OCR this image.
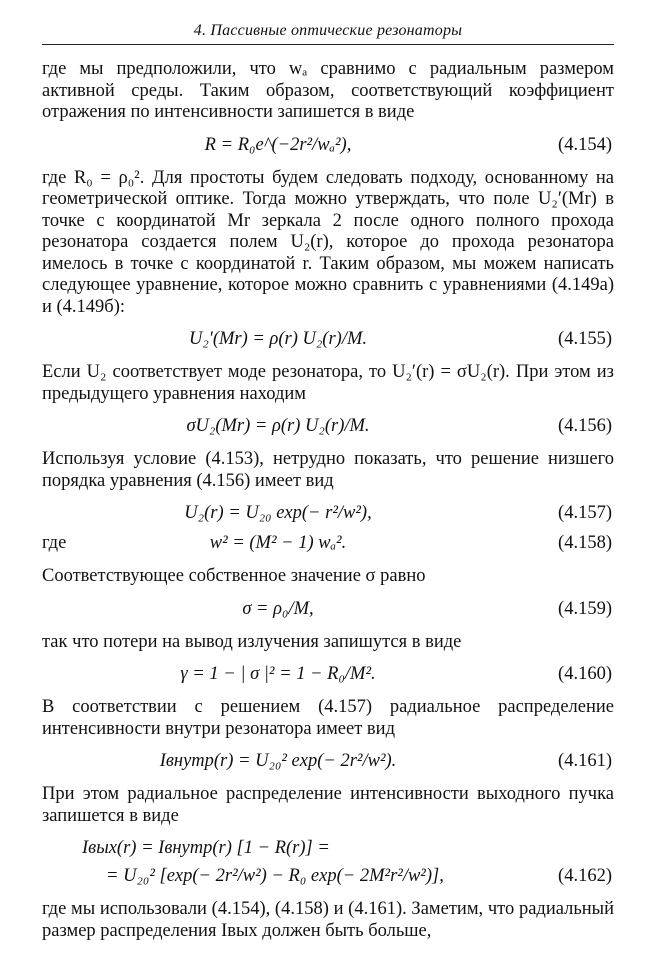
4. Пассивные оптические резонаторы

где мы предположили, что wₐ сравнимо с радиальным размером активной среды. Таким образом, соответствующий коэффициент отражения по интенсивности запишется в виде

R = R₀e^(−2r²/wₐ²),	(4.154)

где R₀ = ρ₀². Для простоты будем следовать подходу, основанному на геометрической оптике. Тогда можно утверждать, что поле U₂′(Mr) в точке с координатой Mr зеркала 2 после одного полного прохода резонатора создается полем U₂(r), которое до прохода резонатора имелось в точке с координатой r. Таким образом, мы можем написать следующее уравнение, которое можно сравнить с уравнениями (4.149а) и (4.149б):

U₂′(Mr) = ρ(r) U₂(r)/M.	(4.155)

Если U₂ соответствует моде резонатора, то U₂′(r) = σU₂(r). При этом из предыдущего уравнения находим

σU₂(Mr) = ρ(r) U₂(r)/M.	(4.156)

Используя условие (4.153), нетрудно показать, что решение низшего порядка уравнения (4.156) имеет вид

U₂(r) = U₂₀ exp(− r²/w²),	(4.157)
где	w² = (M² − 1) wₐ².	(4.158)

Соответствующее собственное значение σ равно

σ = ρ₀/M,	(4.159)

так что потери на вывод излучения запишутся в виде

γ = 1 − | σ |² = 1 − R₀/M².	(4.160)

В соответствии с решением (4.157) радиальное распределение интенсивности внутри резонатора имеет вид

Iвнутр(r) = U₂₀² exp(− 2r²/w²).	(4.161)

При этом радиальное распределение интенсивности выходного пучка запишется в виде

Iвых(r) = Iвнутр(r) [1 − R(r)] =
= U₂₀² [exp(− 2r²/w²) − R₀ exp(− 2M²r²/w²)],	(4.162)

где мы использовали (4.154), (4.158) и (4.161). Заметим, что радиальный размер распределения Iвых должен быть больше,
